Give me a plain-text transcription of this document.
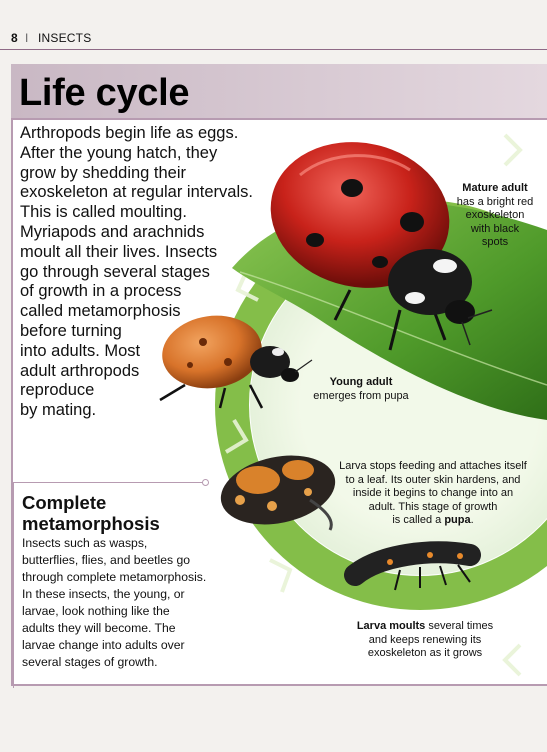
8 I INSECTS
Life cycle
Arthropods begin life as eggs.
After the young hatch, they
grow by shedding their
exoskeleton at regular intervals.
This is called moulting.
Myriapods and arachnids
moult all their lives. Insects
go through several stages
of growth in a process
called metamorphosis
before turning
into adults. Most
adult arthropods
reproduce
by mating.
Complete
metamorphosis
Insects such as wasps,
butterflies, flies, and beetles go
through complete metamorphosis.
In these insects, the young, or
larvae, look nothing like the
adults they will become. The
larvae change into adults over
several stages of growth.
Mature adult
has a bright red
exoskeleton
with black
spots
Young adult
emerges from pupa
Larva stops feeding and attaches itself
to a leaf. Its outer skin hardens, and
inside it begins to change into an
adult. This stage of growth
is called a pupa.
Larva moults several times
and keeps renewing its
exoskeleton as it grows
